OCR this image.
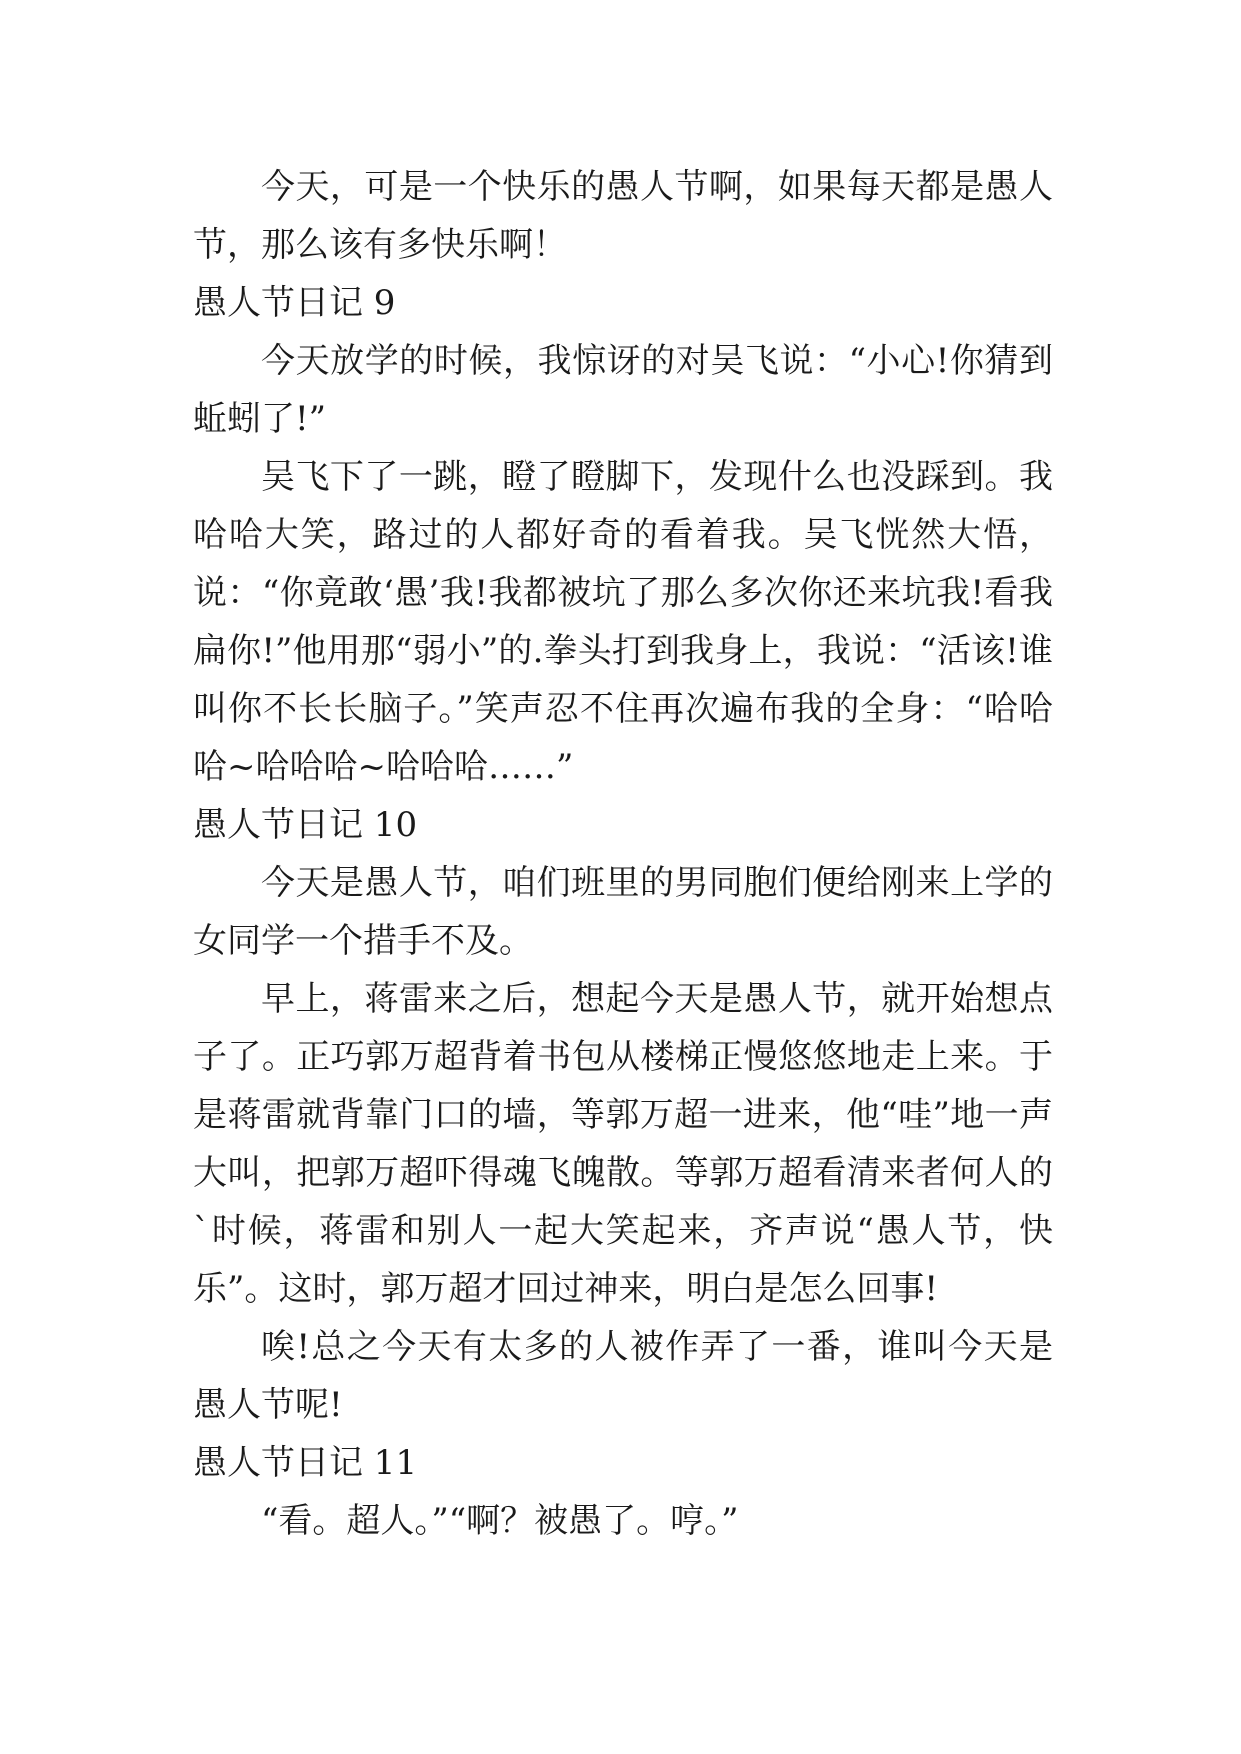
今天，可是一个快乐的愚人节啊，如果每天都是愚人节，那么该有多快乐啊！

愚人节日记 9

今天放学的时候，我惊讶的对吴飞说：“小心!你猜到蚯蚓了!”

吴飞下了一跳，瞪了瞪脚下，发现什么也没踩到。我哈哈大笑，路过的人都好奇的看着我。吴飞恍然大悟，说：“你竟敢‘愚’我!我都被坑了那么多次你还来坑我!看我扁你!”他用那“弱小”的.拳头打到我身上，我说：“活该!谁叫你不长长脑子。”笑声忍不住再次遍布我的全身：“哈哈哈~哈哈哈~哈哈哈……”

愚人节日记 10

今天是愚人节，咱们班里的男同胞们便给刚来上学的女同学一个措手不及。

早上，蒋雷来之后，想起今天是愚人节，就开始想点子了。正巧郭万超背着书包从楼梯正慢悠悠地走上来。于是蒋雷就背靠门口的墙，等郭万超一进来，他“哇”地一声大叫，把郭万超吓得魂飞魄散。等郭万超看清来者何人的`时候，蒋雷和别人一起大笑起来，齐声说“愚人节，快乐”。这时，郭万超才回过神来，明白是怎么回事!

唉!总之今天有太多的人被作弄了一番，谁叫今天是愚人节呢!

愚人节日记 11

“看。超人。”“啊？被愚了。哼。”
